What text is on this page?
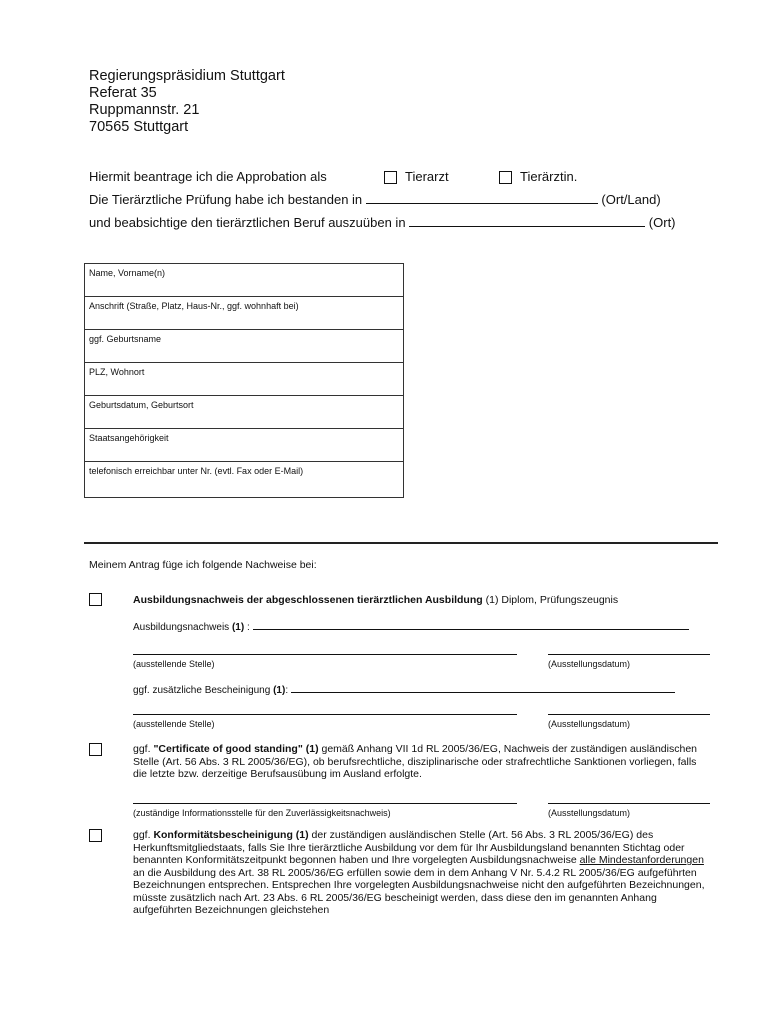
Regierungspräsidium Stuttgart
Referat 35
Ruppmannstr. 21
70565 Stuttgart
Hiermit beantrage ich die Approbation als	Tierarzt	Tierärztin.
Die Tierärztliche Prüfung habe ich bestanden in	(Ort/Land)
und beabsichtige den tierärztlichen Beruf auszuüben in	(Ort)
Name, Vorname(n)
Anschrift (Straße, Platz, Haus-Nr., ggf. wohnhaft bei)
ggf. Geburtsname
PLZ, Wohnort
Geburtsdatum, Geburtsort
Staatsangehörigkeit
telefonisch erreichbar unter Nr. (evtl. Fax oder E-Mail)
Meinem Antrag füge ich folgende Nachweise bei:
Ausbildungsnachweis der abgeschlossenen tierärztlichen Ausbildung (1) Diplom, Prüfungszeugnis
Ausbildungsnachweis (1) :
(ausstellende Stelle)	(Ausstellungsdatum)
ggf. zusätzliche Bescheinigung (1):
(ausstellende Stelle)	(Ausstellungsdatum)
ggf. "Certificate of good standing" (1) gemäß Anhang VII 1d RL 2005/36/EG, Nachweis der zuständigen ausländischen Stelle (Art. 56 Abs. 3 RL 2005/36/EG), ob berufsrechtliche, disziplinarische oder strafrechtliche Sanktionen vorliegen, falls die letzte bzw. derzeitige Berufsausübung im Ausland erfolgte.
(zuständige Informationsstelle für den Zuverlässigkeitsnachweis)	(Ausstellungsdatum)
ggf. Konformitätsbescheinigung (1) der zuständigen ausländischen Stelle (Art. 56 Abs. 3 RL 2005/36/EG) des Herkunftsmitgliedstaats, falls Sie Ihre tierärztliche Ausbildung vor dem für Ihr Ausbildungsland benannten Stichtag oder benannten Konformitätszeitpunkt begonnen haben und Ihre vorgelegten Ausbildungsnachweise alle Mindestanforderungen an die Ausbildung des Art. 38 RL 2005/36/EG erfüllen sowie dem in dem Anhang V Nr. 5.4.2 RL 2005/36/EG aufgeführten Bezeichnungen entsprechen. Entsprechen Ihre vorgelegten Ausbildungsnachweise nicht den aufgeführten Bezeichnungen, müsste zusätzlich nach Art. 23 Abs. 6 RL 2005/36/EG bescheinigt werden, dass diese den im genannten Anhang aufgeführten Bezeichnungen gleichstehen
